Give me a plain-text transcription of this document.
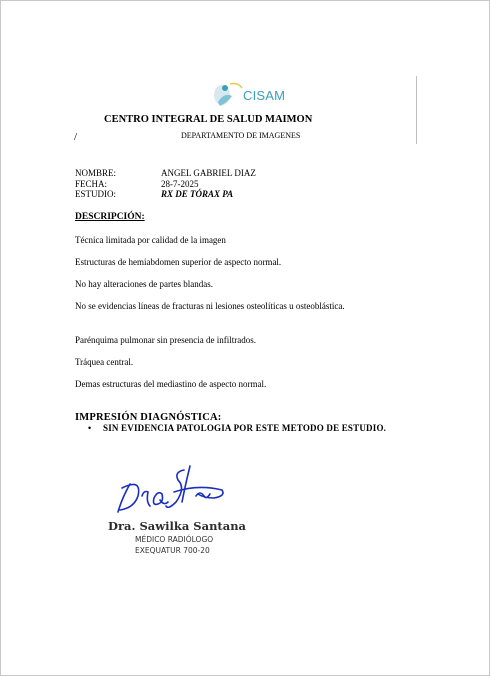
CISAM
CENTRO INTEGRAL DE SALUD MAIMON
/	DEPARTAMENTO DE IMAGENES
NOMBRE:	ANGEL GABRIEL DIAZ
FECHA:	28-7-2025
ESTUDIO:	RX DE TÓRAX PA
DESCRIPCIÓN:
Técnica limitada por calidad de la imagen
Estructuras de hemiabdomen superior de aspecto normal.
No hay alteraciones de partes blandas.
No se evidencias líneas de fracturas ni lesiones osteolíticas u osteoblástica.
Parénquima pulmonar sin presencia de infiltrados.
Tráquea central.
Demas estructuras del mediastino de aspecto normal.
IMPRESIÓN DIAGNÓSTICA:
• SIN EVIDENCIA PATOLOGIA POR ESTE METODO DE ESTUDIO.
Dra. Sawilka Santana
MÉDICO RADIÓLOGO
EXEQUATUR 700-20
